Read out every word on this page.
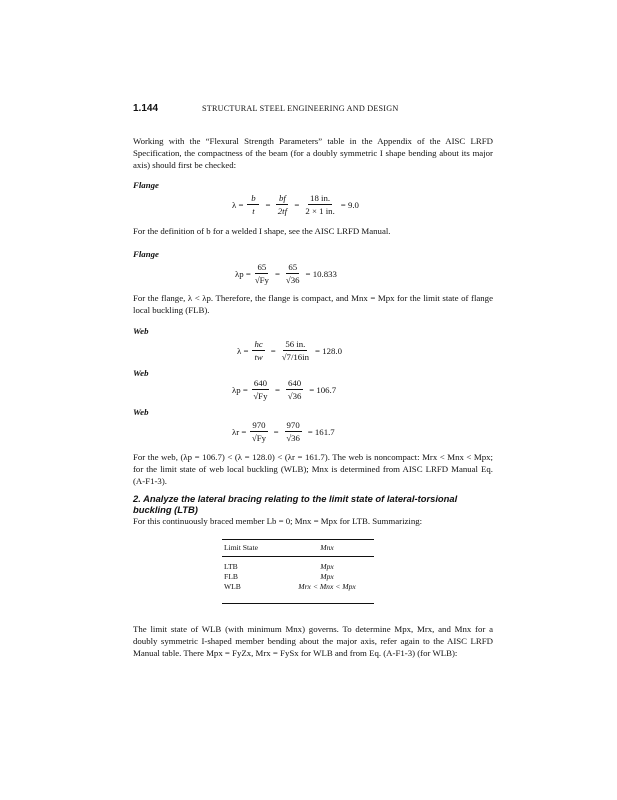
1.144	STRUCTURAL STEEL ENGINEERING AND DESIGN

Working with the “Flexural Strength Parameters” table in the Appendix of the AISC LRFD Specification, the compactness of the beam (for a doubly symmetric I shape bending about its major axis) should first be checked:

Flange
$\lambda = \frac{b}{t} = \frac{bf}{2tf} = \frac{18 in.}{2 \times 1 in.} = 9.0$

For the definition of b for a welded I shape, see the AISC LRFD Manual.

Flange
$\lambda p = \frac{65}{√Fy} = \frac{65}{√36} = 10.833$

For the flange, λ < λp. Therefore, the flange is compact, and Mnx = Mpx for the limit state of flange local buckling (FLB).

Web
$\lambda = \frac{hc}{tw} = \frac{56 in.}{√7/16in} = 128.0$
Web
$\lambda p = \frac{640}{√Fy} = \frac{640}{√36} = 106.7$
Web
$\lambda r = \frac{970}{√Fy} = \frac{970}{√36} = 161.7$

For the web, (λp = 106.7) < (λ = 128.0) < (λr = 161.7). The web is noncompact: Mrx < Mnx < Mpx; for the limit state of web local buckling (WLB); Mnx is determined from AISC LRFD Manual Eq. (A-F1-3).

2. Analyze the lateral bracing relating to the limit state of lateral-torsional buckling (LTB)

For this continuously braced member Lb = 0; Mnx = Mpx for LTB. Summarizing:

Limit State	Mnx
LTB	Mpx
FLB	Mpx
WLB	Mrx < Mnx < Mpx

The limit state of WLB (with minimum Mnx) governs. To determine Mpx, Mrx, and Mnx for a doubly symmetric I-shaped member bending about the major axis, refer again to the AISC LRFD Manual table. There Mpx = FyZx, Mrx = FySx for WLB and from Eq. (A-F1-3) (for WLB):
